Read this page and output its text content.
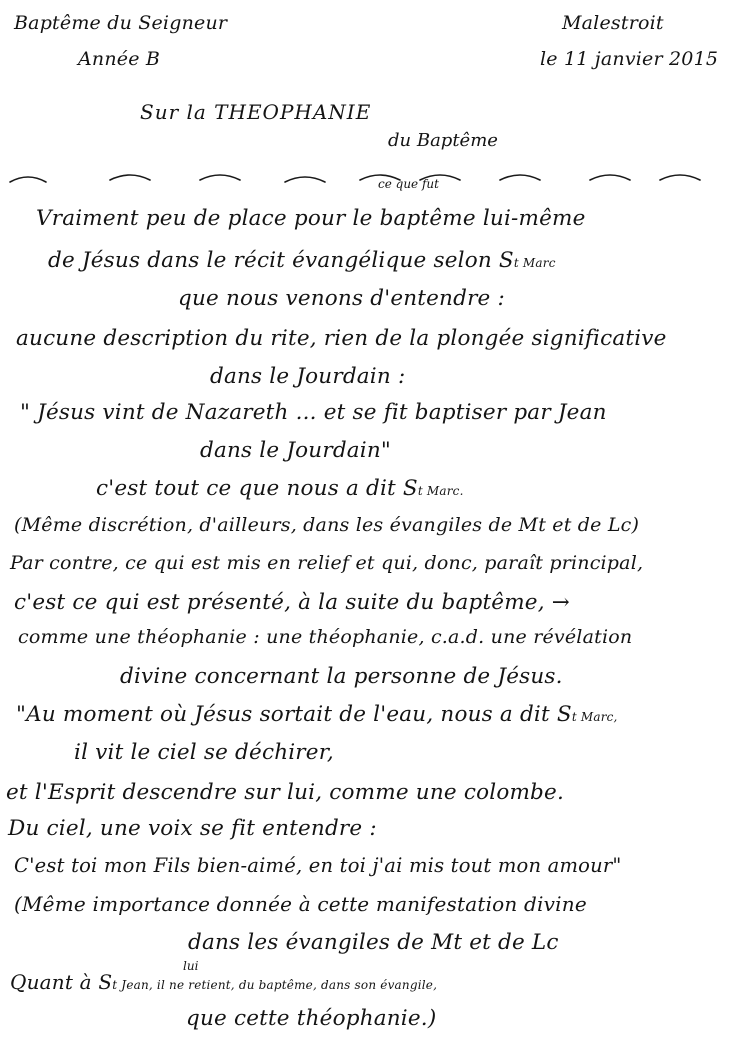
Baptême du Seigneur
Année B
Malestroit
le 11 janvier 2015
Sur la THEOPHANIE
du Baptême
ce que fut
Vraiment peu de place pour le baptême lui-même
de Jésus dans le récit évangélique selon St Marc
que nous venons d'entendre :
aucune description du rite, rien de la plongée significative
dans le Jourdain :
" Jésus vint de Nazareth ... et se fit baptiser par Jean
dans le Jourdain"
c'est tout ce que nous a dit St Marc.
(Même discrétion, d'ailleurs, dans les évangiles de Mt et de Lc)
Par contre, ce qui est mis en relief et qui, donc, paraît principal,
c'est ce qui est présenté, à la suite du baptême, →
comme une théophanie : une théophanie, c.a.d. une révélation
divine concernant la personne de Jésus.
"Au moment où Jésus sortait de l'eau, nous a dit St Marc,
il vit le ciel se déchirer,
et l'Esprit descendre sur lui, comme une colombe.
Du ciel, une voix se fit entendre :
C'est toi mon Fils bien-aimé, en toi j'ai mis tout mon amour"
(Même importance donnée à cette manifestation divine
dans les évangiles de Mt et de Lc
lui
Quant à St Jean, il ne retient, du baptême, dans son évangile,
que cette théophanie.)
